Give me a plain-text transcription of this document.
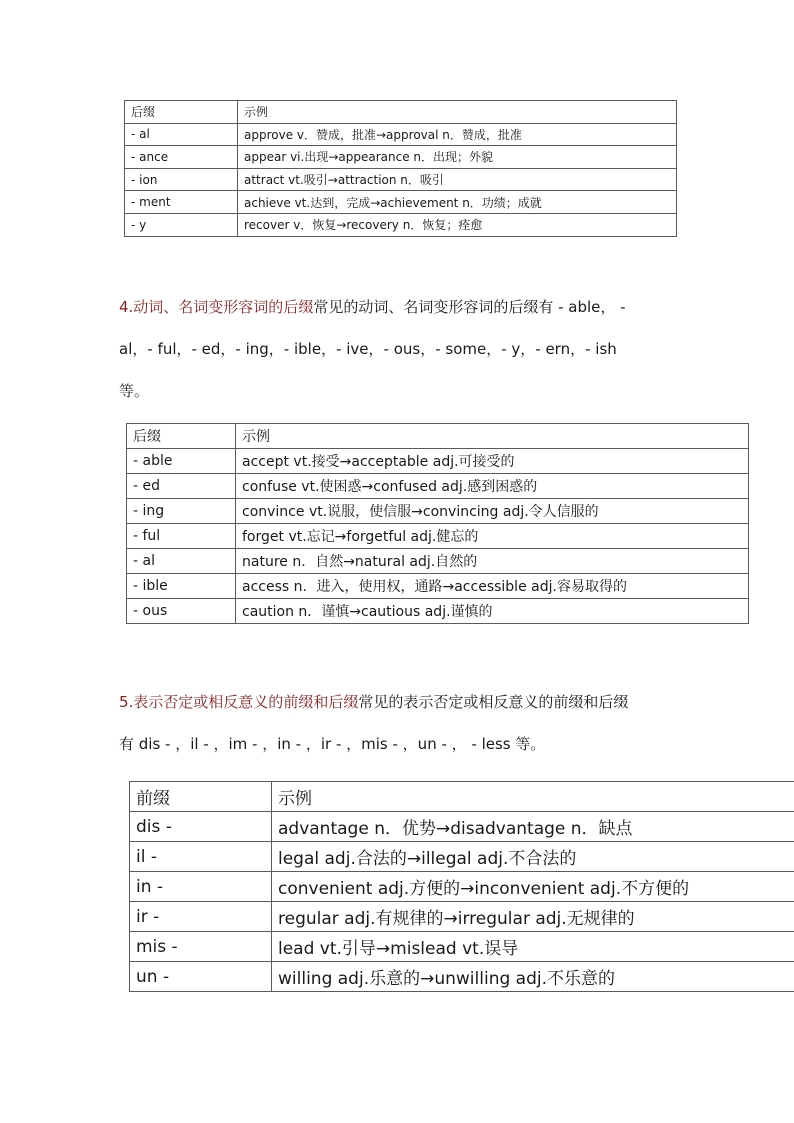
后缀	示例
- al	approve v．赞成，批准→approval n．赞成，批准
- ance	appear vi.出现→appearance n．出现；外貌
- ion	attract vt.吸引→attraction n．吸引
- ment	achieve vt.达到，完成→achievement n．功绩；成就
- y	recover v．恢复→recovery n．恢复；痊愈
4.动词、名词变形容词的后缀常见的动词、名词变形容词的后缀有 - able， -
al，- ful，- ed，- ing，- ible，- ive，- ous，- some，- y，- ern，- ish
等。
后缀	示例
- able	accept vt.接受→acceptable adj.可接受的
- ed	confuse vt.使困惑→confused adj.感到困惑的
- ing	convince vt.说服，使信服→convincing adj.令人信服的
- ful	forget vt.忘记→forgetful adj.健忘的
- al	nature n．自然→natural adj.自然的
- ible	access n．进入，使用权，通路→accessible adj.容易取得的
- ous	caution n．谨慎→cautious adj.谨慎的
5.表示否定或相反意义的前缀和后缀常见的表示否定或相反意义的前缀和后缀
有 dis - ，il - ，im - ，in - ，ir - ，mis - ，un - ， - less 等。
前缀	示例
dis -	advantage n．优势→disadvantage n．缺点
il -	legal adj.合法的→illegal adj.不合法的
in -	convenient adj.方便的→inconvenient adj.不方便的
ir -	regular adj.有规律的→irregular adj.无规律的
mis -	lead vt.引导→mislead vt.误导
un -	willing adj.乐意的→unwilling adj.不乐意的
